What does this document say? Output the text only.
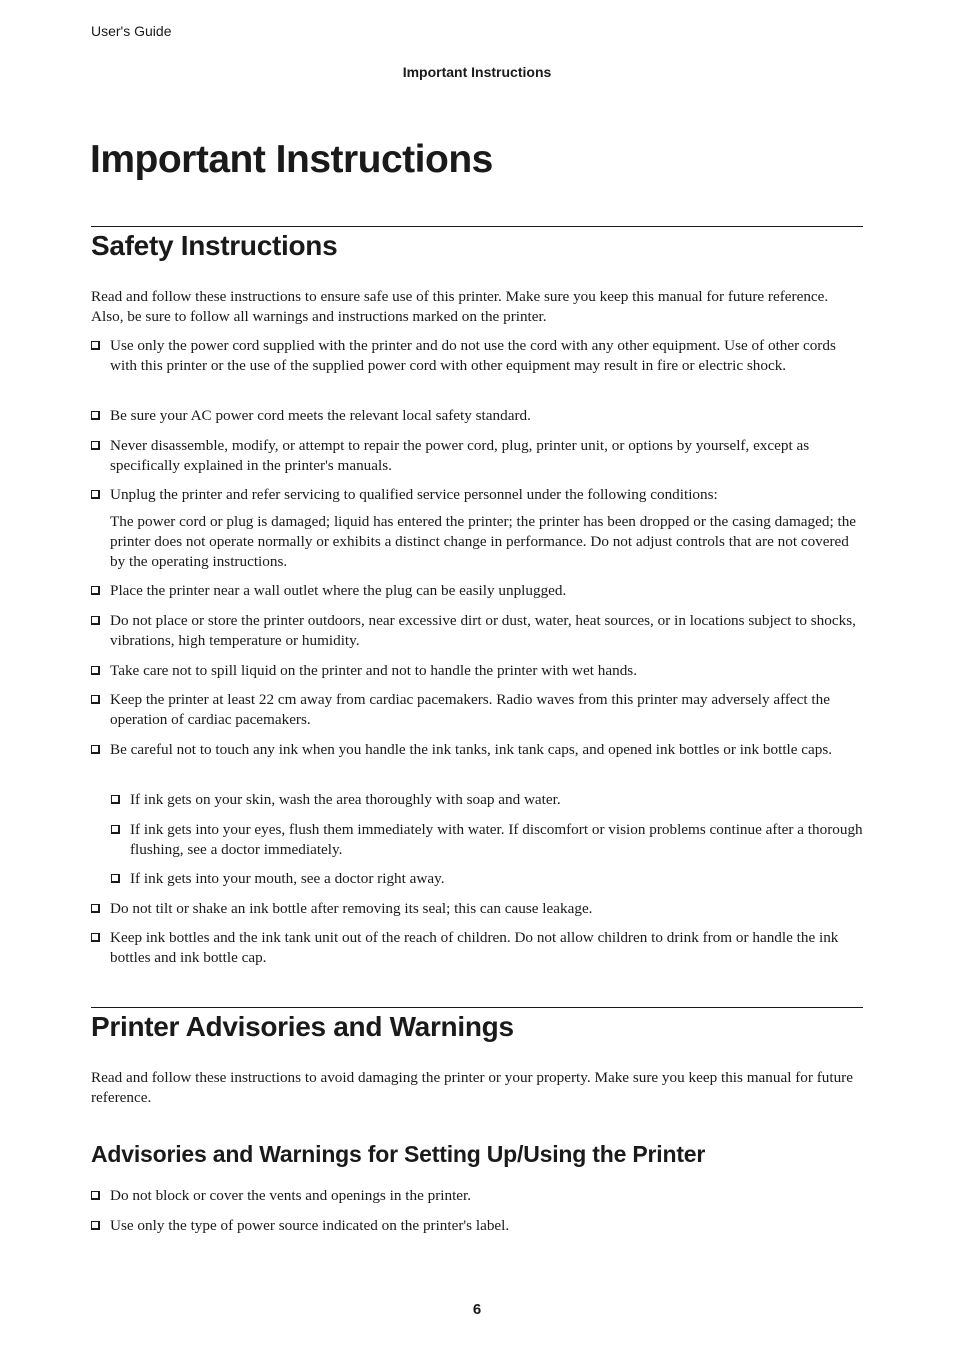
User's Guide
Important Instructions
Important Instructions
Safety Instructions

Read and follow these instructions to ensure safe use of this printer. Make sure you keep this manual for future reference. Also, be sure to follow all warnings and instructions marked on the printer.

Use only the power cord supplied with the printer and do not use the cord with any other equipment. Use of other cords with this printer or the use of the supplied power cord with other equipment may result in fire or electric shock.
Be sure your AC power cord meets the relevant local safety standard.
Never disassemble, modify, or attempt to repair the power cord, plug, printer unit, or options by yourself, except as specifically explained in the printer's manuals.
Unplug the printer and refer servicing to qualified service personnel under the following conditions:

The power cord or plug is damaged; liquid has entered the printer; the printer has been dropped or the casing damaged; the printer does not operate normally or exhibits a distinct change in performance. Do not adjust controls that are not covered by the operating instructions.

Place the printer near a wall outlet where the plug can be easily unplugged.
Do not place or store the printer outdoors, near excessive dirt or dust, water, heat sources, or in locations subject to shocks, vibrations, high temperature or humidity.
Take care not to spill liquid on the printer and not to handle the printer with wet hands.
Keep the printer at least 22 cm away from cardiac pacemakers. Radio waves from this printer may adversely affect the operation of cardiac pacemakers.
Be careful not to touch any ink when you handle the ink tanks, ink tank caps, and opened ink bottles or ink bottle caps.
If ink gets on your skin, wash the area thoroughly with soap and water.
If ink gets into your eyes, flush them immediately with water. If discomfort or vision problems continue after a thorough flushing, see a doctor immediately.
If ink gets into your mouth, see a doctor right away.
Do not tilt or shake an ink bottle after removing its seal; this can cause leakage.
Keep ink bottles and the ink tank unit out of the reach of children. Do not allow children to drink from or handle the ink bottles and ink bottle cap.
Printer Advisories and Warnings

Read and follow these instructions to avoid damaging the printer or your property. Make sure you keep this manual for future reference.

Advisories and Warnings for Setting Up/Using the Printer
Do not block or cover the vents and openings in the printer.
Use only the type of power source indicated on the printer's label.
6
